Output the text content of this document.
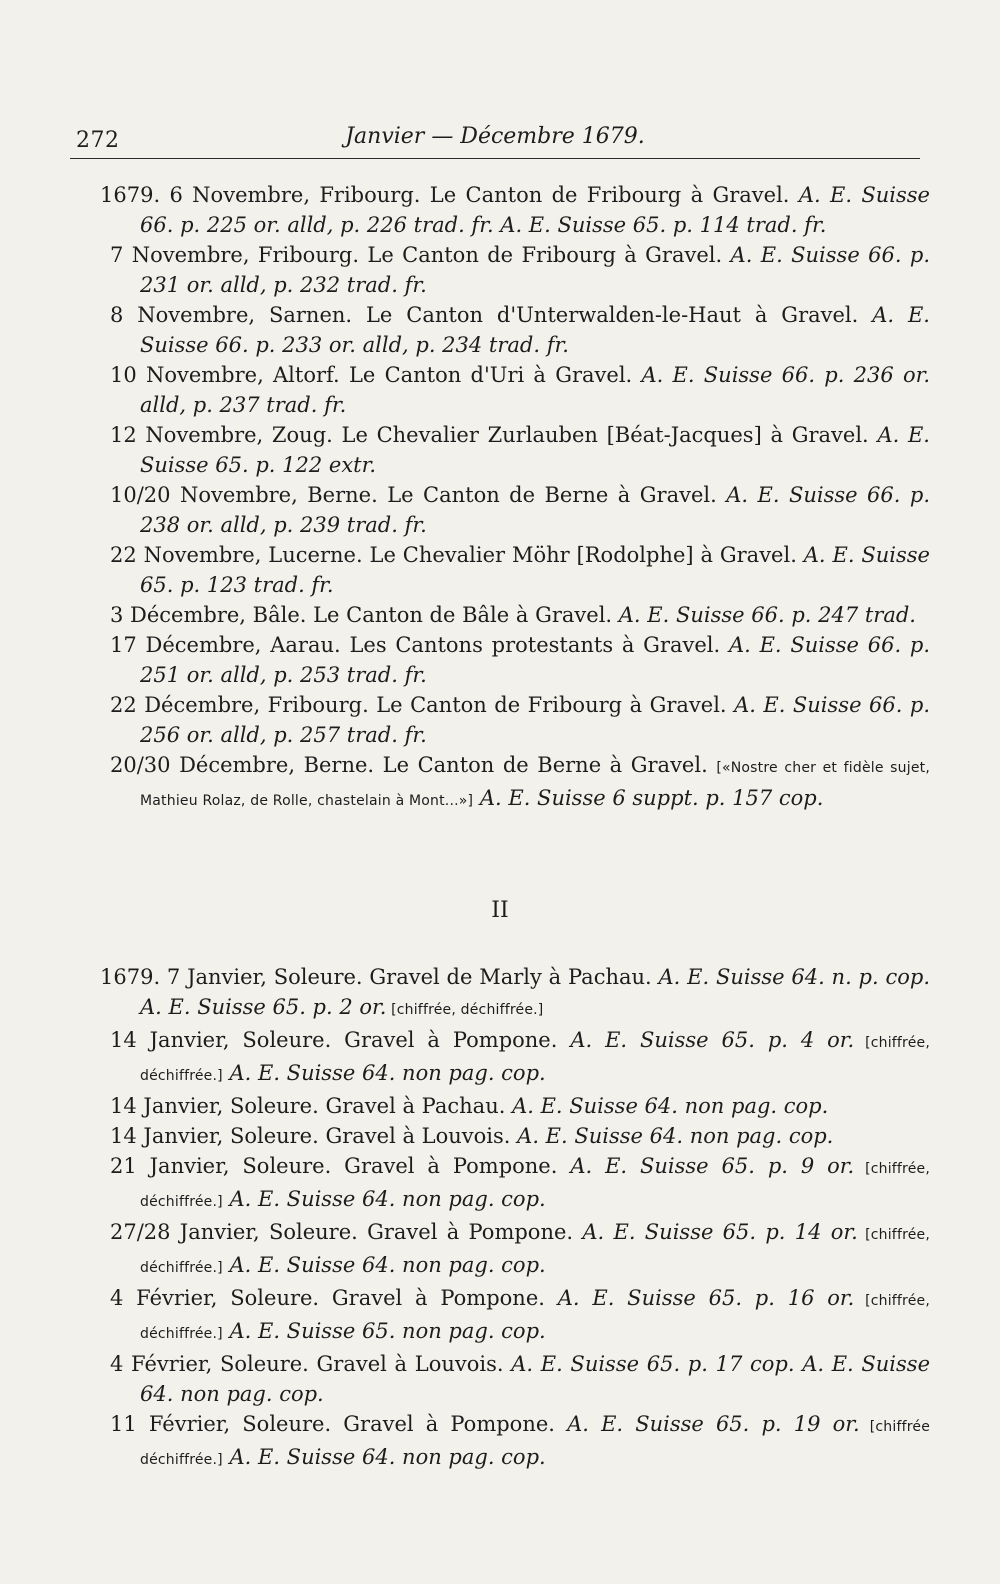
272	Janvier — Décembre 1679.

1679. 6 Novembre, Fribourg. Le Canton de Fribourg à Gravel. A. E. Suisse 66. p. 225 or. alld, p. 226 trad. fr. A. E. Suisse 65. p. 114 trad. fr.

7 Novembre, Fribourg. Le Canton de Fribourg à Gravel. A. E. Suisse 66. p. 231 or. alld, p. 232 trad. fr.

8 Novembre, Sarnen. Le Canton d'Unterwalden-le-Haut à Gravel. A. E. Suisse 66. p. 233 or. alld, p. 234 trad. fr.

10 Novembre, Altorf. Le Canton d'Uri à Gravel. A. E. Suisse 66. p. 236 or. alld, p. 237 trad. fr.

12 Novembre, Zoug. Le Chevalier Zurlauben [Béat-Jacques] à Gravel. A. E. Suisse 65. p. 122 extr.

10/20 Novembre, Berne. Le Canton de Berne à Gravel. A. E. Suisse 66. p. 238 or. alld, p. 239 trad. fr.

22 Novembre, Lucerne. Le Chevalier Möhr [Rodolphe] à Gravel. A. E. Suisse 65. p. 123 trad. fr.

3 Décembre, Bâle. Le Canton de Bâle à Gravel. A. E. Suisse 66. p. 247 trad.

17 Décembre, Aarau. Les Cantons protestants à Gravel. A. E. Suisse 66. p. 251 or. alld, p. 253 trad. fr.

22 Décembre, Fribourg. Le Canton de Fribourg à Gravel. A. E. Suisse 66. p. 256 or. alld, p. 257 trad. fr.

20/30 Décembre, Berne. Le Canton de Berne à Gravel. [«Nostre cher et fidèle sujet, Mathieu Rolaz, de Rolle, chastelain à Mont...»] A. E. Suisse 6 suppt. p. 157 cop.

II

1679. 7 Janvier, Soleure. Gravel de Marly à Pachau. A. E. Suisse 64. n. p. cop. A. E. Suisse 65. p. 2 or. [chiffrée, déchiffrée.]

14 Janvier, Soleure. Gravel à Pompone. A. E. Suisse 65. p. 4 or. [chiffrée, déchiffrée.] A. E. Suisse 64. non pag. cop.

14 Janvier, Soleure. Gravel à Pachau. A. E. Suisse 64. non pag. cop.

14 Janvier, Soleure. Gravel à Louvois. A. E. Suisse 64. non pag. cop.

21 Janvier, Soleure. Gravel à Pompone. A. E. Suisse 65. p. 9 or. [chiffrée, déchiffrée.] A. E. Suisse 64. non pag. cop.

27/28 Janvier, Soleure. Gravel à Pompone. A. E. Suisse 65. p. 14 or. [chiffrée, déchiffrée.] A. E. Suisse 64. non pag. cop.

4 Février, Soleure. Gravel à Pompone. A. E. Suisse 65. p. 16 or. [chiffrée, déchiffrée.] A. E. Suisse 65. non pag. cop.

4 Février, Soleure. Gravel à Louvois. A. E. Suisse 65. p. 17 cop. A. E. Suisse 64. non pag. cop.

11 Février, Soleure. Gravel à Pompone. A. E. Suisse 65. p. 19 or. [chiffrée déchiffrée.] A. E. Suisse 64. non pag. cop.
